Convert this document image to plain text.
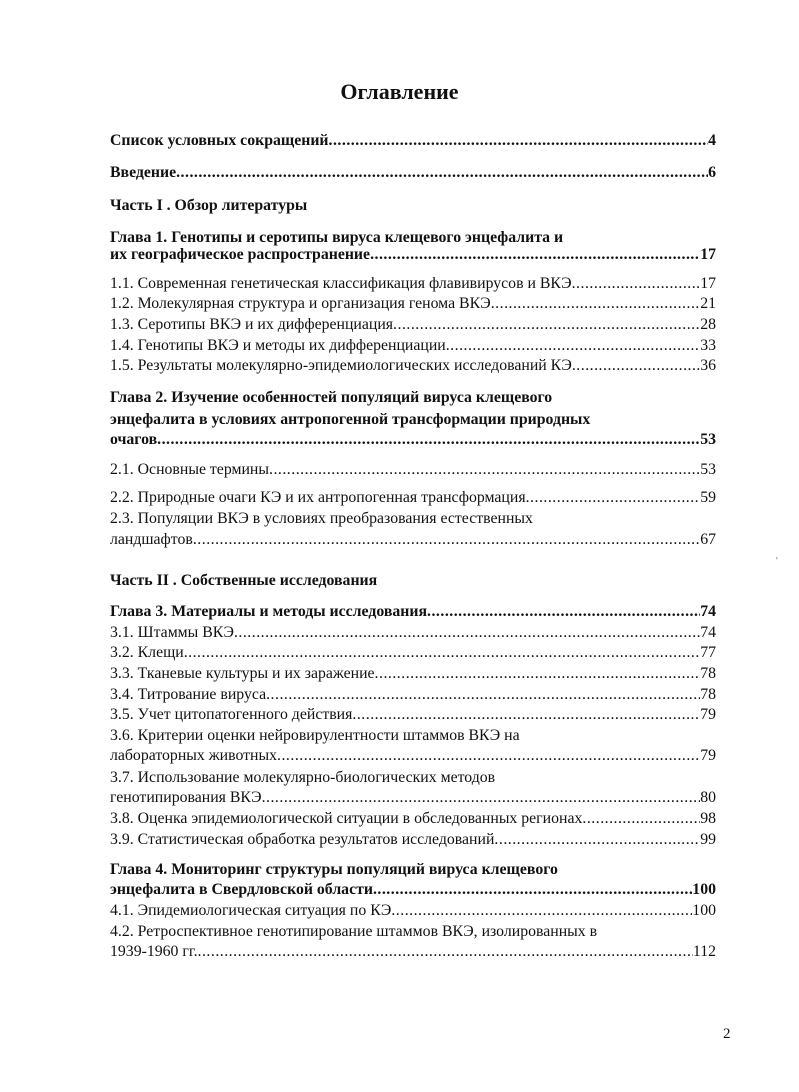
Оглавление
Список условных сокращений .....	4
Введение .....	6
Часть I . Обзор литературы
Глава 1. Генотипы и серотипы вируса клещевого энцефалита и
их географическое распространение .....	17
1.1. Современная генетическая классификация флавивирусов и ВКЭ .....	17
1.2. Молекулярная структура и организация генома ВКЭ .....	21
1.3. Серотипы ВКЭ и их дифференциация .....	28
1.4. Генотипы ВКЭ и методы их дифференциации .....	33
1.5. Результаты молекулярно-эпидемиологических исследований КЭ .....	36
Глава 2. Изучение особенностей популяций вируса клещевого
энцефалита в условиях антропогенной трансформации природных
очагов .....	53
2.1. Основные термины .....	53
2.2. Природные очаги КЭ и их антропогенная трансформация .....	59
2.3. Популяции ВКЭ в условиях преобразования естественных
ландшафтов .....	67
Часть II . Собственные исследования
Глава 3. Материалы и методы исследования .....	74
3.1. Штаммы ВКЭ .....	74
3.2. Клещи .....	77
3.3. Тканевые культуры и их заражение .....	78
3.4. Титрование вируса .....	78
3.5. Учет цитопатогенного действия .....	79
3.6. Критерии оценки нейровирулентности штаммов ВКЭ на
лабораторных животных .....	79
3.7. Использование молекулярно-биологических методов
генотипирования ВКЭ .....	80
3.8. Оценка эпидемиологической ситуации в обследованных регионах .....	98
3.9. Статистическая обработка результатов исследований .....	99
Глава 4. Мониторинг структуры популяций вируса клещевого
энцефалита в Свердловской области .....	100
4.1. Эпидемиологическая ситуация по КЭ .....	100
4.2. Ретроспективное генотипирование штаммов ВКЭ, изолированных в
1939-1960 гг. .....	112
'
2
